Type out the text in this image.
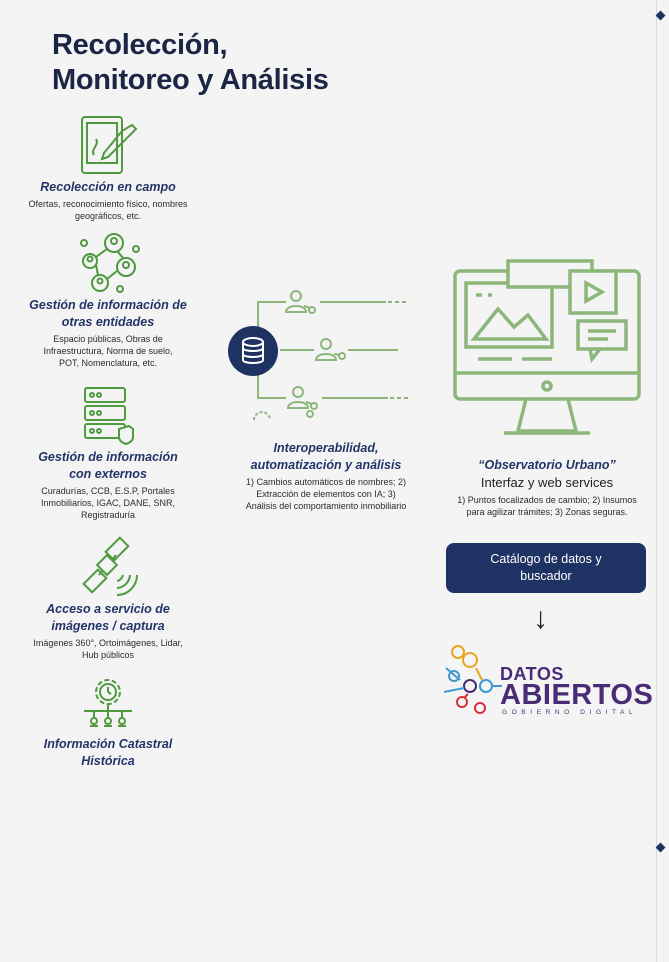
Recolección,
Monitoreo y Análisis
Recolección en campo
Ofertas, reconocimiento físico, nombres geográficos, etc.
Gestión de información de otras entidades
Espacio públicas, Obras de Infraestructura, Norma de suelo, POT, Nomenclatura, etc.
Gestión de información con externos
Curadurías, CCB, E.S.P, Portales Inmobiliarios, IGAC, DANE, SNR, Registraduría
Acceso a servicio de imágenes / captura
Imágenes 360°, Ortoimágenes, Lidar, Hub públicos
Información Catastral Histórica
Interoperabilidad, automatización y análisis
1) Cambios automáticos de nombres; 2) Extracción de elementos con IA; 3) Análisis del comportamiento inmobiliario
“Observatorio Urbano”
Interfaz y web services
1) Puntos focalizados de cambio; 2) Insumos para agilizar trámites; 3) Zonas seguras.
Catálogo de datos y buscador
↓
DATOS
ABIERTOS
GOBIERNO DIGITAL
